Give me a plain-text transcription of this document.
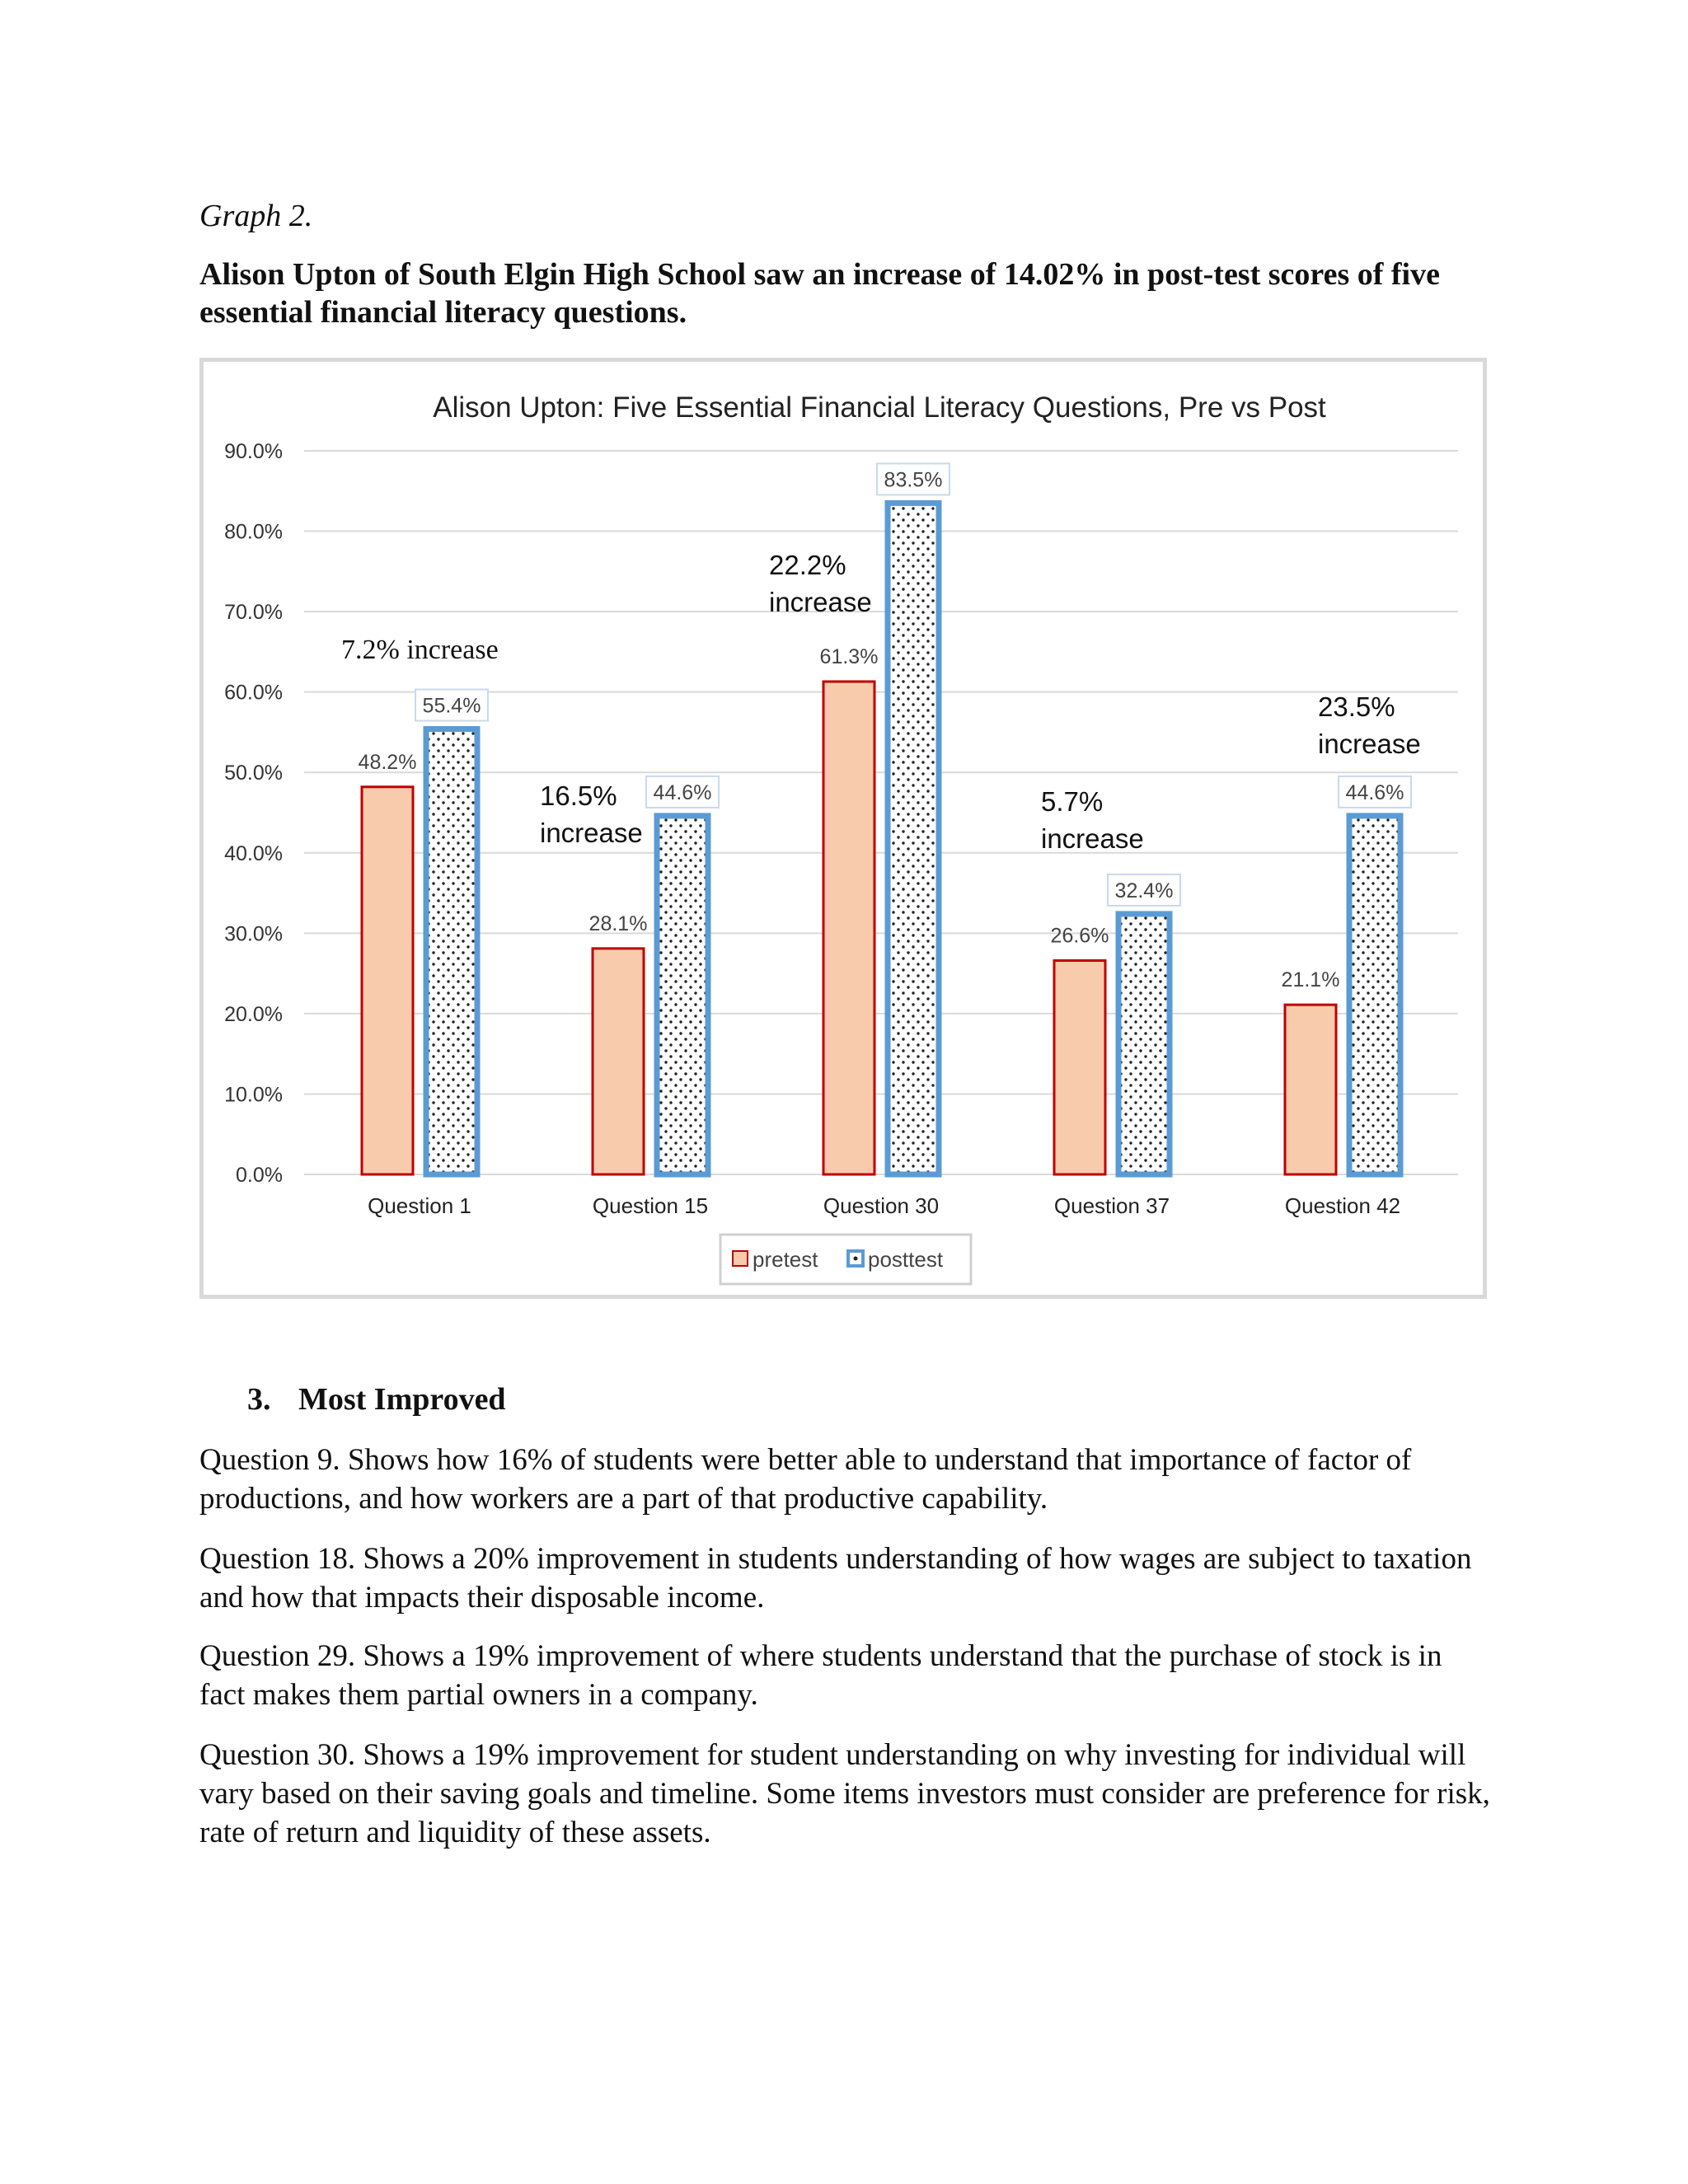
Graph 2.
Alison Upton of South Elgin High School saw an increase of 14.02% in post-test scores of five essential financial literacy questions.
0.0%
10.0%
20.0%
30.0%
40.0%
50.0%
60.0%
70.0%
80.0%
90.0%
48.2%
55.4%
28.1%
44.6%
61.3%
83.5%
26.6%
32.4%
21.1%
44.6%
7.2% increase
16.5%
increase
22.2%
increase
5.7%
increase
23.5%
increase
Question 1	Question 15	Question 30	Question 37	Question 42
Alison Upton: Five Essential Financial Literacy Questions, Pre vs Post
pretest posttest
3. Most Improved

Question 9. Shows how 16% of students were better able to understand that importance of factor of productions, and how workers are a part of that productive capability.

Question 18. Shows a 20% improvement in students understanding of how wages are subject to taxation and how that impacts their disposable income.

Question 29. Shows a 19% improvement of where students understand that the purchase of stock is in fact makes them partial owners in a company.

Question 30. Shows a 19% improvement for student understanding on why investing for individual will vary based on their saving goals and timeline. Some items investors must consider are preference for risk, rate of return and liquidity of these assets.
